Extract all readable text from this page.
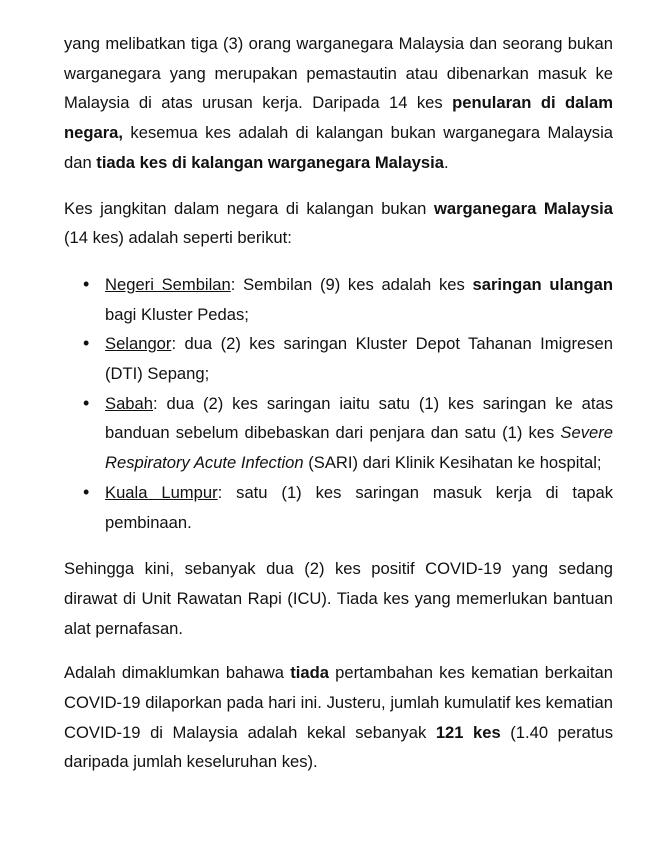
yang melibatkan tiga (3) orang warganegara Malaysia dan seorang bukan warganegara yang merupakan pemastautin atau dibenarkan masuk ke Malaysia di atas urusan kerja. Daripada 14 kes penularan di dalam negara, kesemua kes adalah di kalangan bukan warganegara Malaysia dan tiada kes di kalangan warganegara Malaysia.

Kes jangkitan dalam negara di kalangan bukan warganegara Malaysia (14 kes) adalah seperti berikut:

• Negeri Sembilan: Sembilan (9) kes adalah kes saringan ulangan bagi Kluster Pedas;
• Selangor: dua (2) kes saringan Kluster Depot Tahanan Imigresen (DTI) Sepang;
• Sabah: dua (2) kes saringan iaitu satu (1) kes saringan ke atas banduan sebelum dibebaskan dari penjara dan satu (1) kes Severe Respiratory Acute Infection (SARI) dari Klinik Kesihatan ke hospital;
• Kuala Lumpur: satu (1) kes saringan masuk kerja di tapak pembinaan.

Sehingga kini, sebanyak dua (2) kes positif COVID-19 yang sedang dirawat di Unit Rawatan Rapi (ICU). Tiada kes yang memerlukan bantuan alat pernafasan.

Adalah dimaklumkan bahawa tiada pertambahan kes kematian berkaitan COVID-19 dilaporkan pada hari ini. Justeru, jumlah kumulatif kes kematian COVID-19 di Malaysia adalah kekal sebanyak 121 kes (1.40 peratus daripada jumlah keseluruhan kes).
